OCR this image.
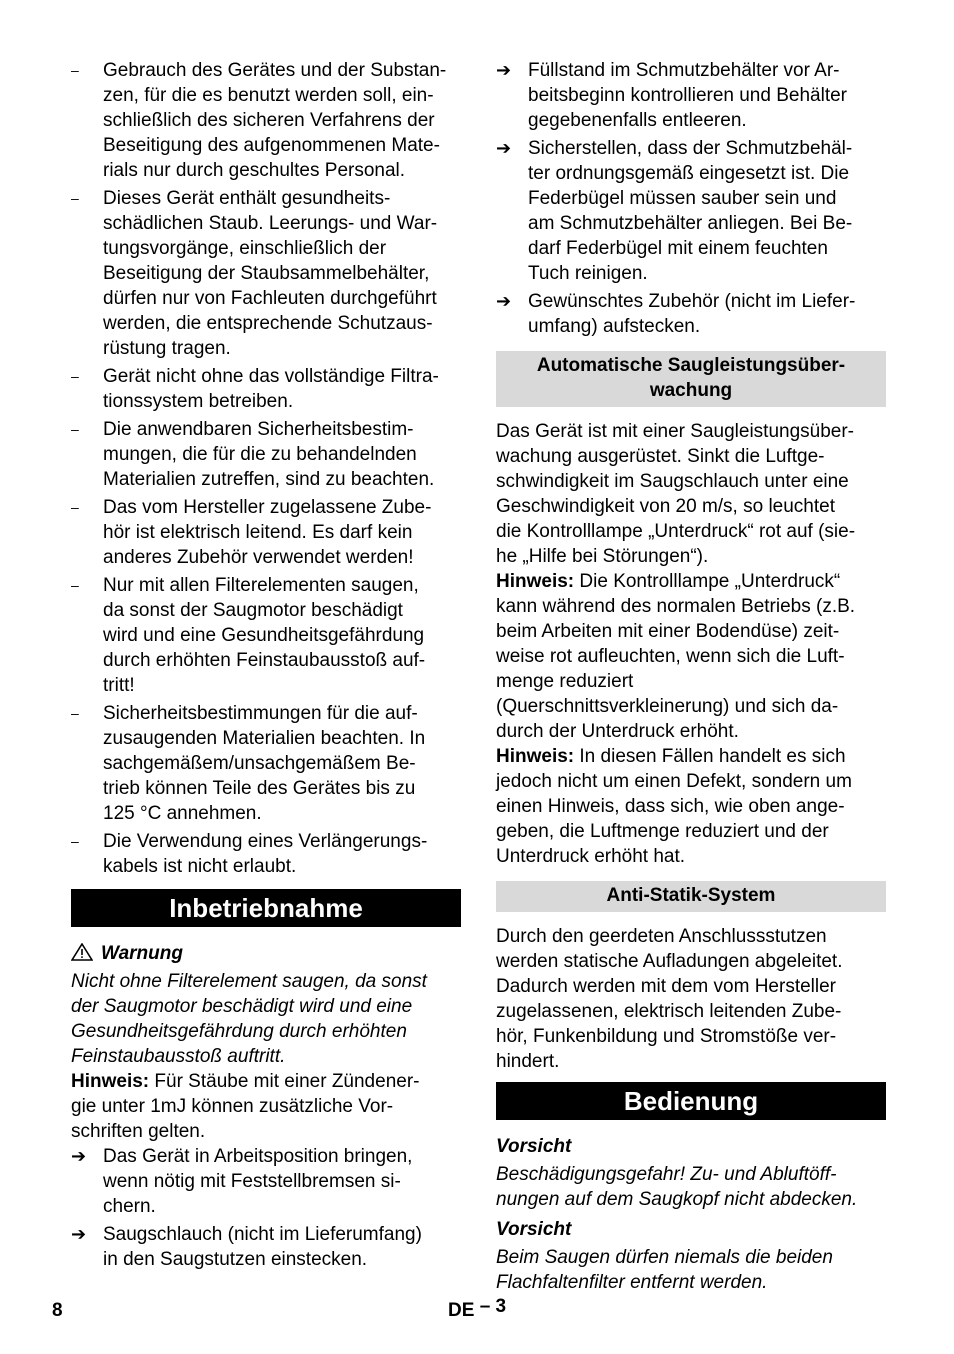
–	Gebrauch des Gerätes und der Substan-
zen, für die es benutzt werden soll, ein-
schließlich des sicheren Verfahrens der
Beseitigung des aufgenommenen Mate-
rials nur durch geschultes Personal.
–	Dieses Gerät enthält gesundheits-
schädlichen Staub. Leerungs- und War-
tungsvorgänge, einschließlich der
Beseitigung der Staubsammelbehälter,
dürfen nur von Fachleuten durchgeführt
werden, die entsprechende Schutzaus-
rüstung tragen.
–	Gerät nicht ohne das vollständige Filtra-
tionssystem betreiben.
–	Die anwendbaren Sicherheitsbestim-
mungen, die für die zu behandelnden
Materialien zutreffen, sind zu beachten.
–	Das vom Hersteller zugelassene Zube-
hör ist elektrisch leitend. Es darf kein
anderes Zubehör verwendet werden!
–	Nur mit allen Filterelementen saugen,
da sonst der Saugmotor beschädigt
wird und eine Gesundheitsgefährdung
durch erhöhten Feinstaubausstoß auf-
tritt!
–	Sicherheitsbestimmungen für die auf-
zusaugenden Materialien beachten. In
sachgemäßem/unsachgemäßem Be-
trieb können Teile des Gerätes bis zu
125 °C annehmen.
–	Die Verwendung eines Verlängerungs-
kabels ist nicht erlaubt.
Inbetriebnahme
Warnung

Nicht ohne Filterelement saugen, da sonst
der Saugmotor beschädigt wird und eine
Gesundheitsgefährdung durch erhöhten
Feinstaubausstoß auftritt.

Hinweis: Für Stäube mit einer Zündener-
gie unter 1mJ können zusätzliche Vor-
schriften gelten.

➔ Das Gerät in Arbeitsposition bringen,
wenn nötig mit Feststellbremsen si-
chern.
➔ Saugschlauch (nicht im Lieferumfang)
in den Saugstutzen einstecken.
➔ Füllstand im Schmutzbehälter vor Ar-
beitsbeginn kontrollieren und Behälter
gegebenenfalls entleeren.
➔ Sicherstellen, dass der Schmutzbehäl-
ter ordnungsgemäß eingesetzt ist. Die
Federbügel müssen sauber sein und
am Schmutzbehälter anliegen. Bei Be-
darf Federbügel mit einem feuchten
Tuch reinigen.
➔ Gewünschtes Zubehör (nicht im Liefer-
umfang) aufstecken.
Automatische Saugleistungsüber-
wachung

Das Gerät ist mit einer Saugleistungsüber-
wachung ausgerüstet. Sinkt die Luftge-
schwindigkeit im Saugschlauch unter eine
Geschwindigkeit von 20 m/s, so leuchtet
die Kontrolllampe „Unterdruck“ rot auf (sie-
he „Hilfe bei Störungen“).

Hinweis: Die Kontrolllampe „Unterdruck“
kann während des normalen Betriebs (z.B.
beim Arbeiten mit einer Bodendüse) zeit-
weise rot aufleuchten, wenn sich die Luft-
menge reduziert
(Querschnittsverkleinerung) und sich da-
durch der Unterdruck erhöht.

Hinweis: In diesen Fällen handelt es sich
jedoch nicht um einen Defekt, sondern um
einen Hinweis, dass sich, wie oben ange-
geben, die Luftmenge reduziert und der
Unterdruck erhöht hat.

Anti-Statik-System

Durch den geerdeten Anschlussstutzen
werden statische Aufladungen abgeleitet.
Dadurch werden mit dem vom Hersteller
zugelassenen, elektrisch leitenden Zube-
hör, Funkenbildung und Stromstöße ver-
hindert.

Bedienung
Vorsicht

Beschädigungsgefahr! Zu- und Abluftöff-
nungen auf dem Saugkopf nicht abdecken.

Vorsicht

Beim Saugen dürfen niemals die beiden
Flachfaltenfilter entfernt werden.

8	DE – 3
